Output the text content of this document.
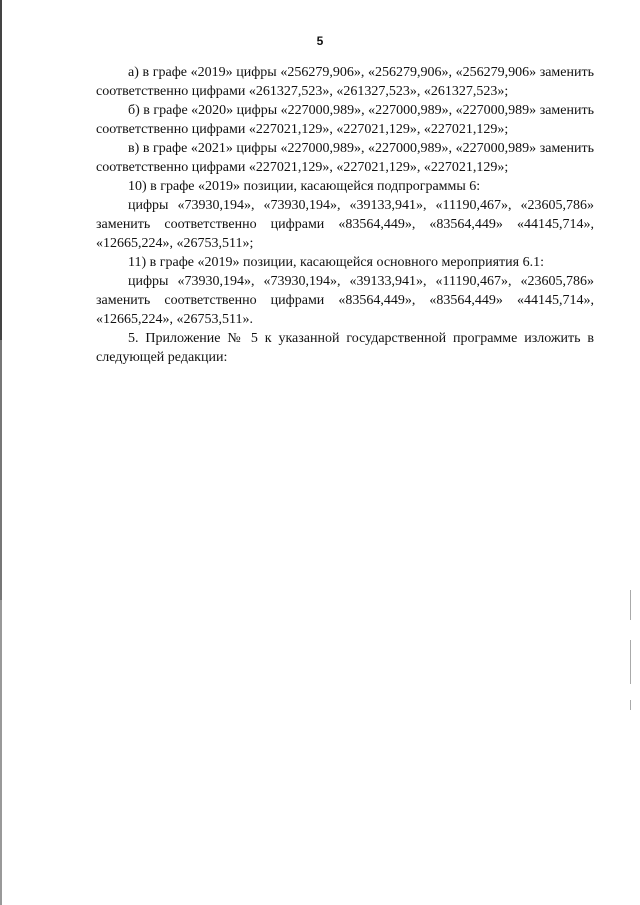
5

а) в графе «2019» цифры «256279,906», «256279,906», «256279,906» заменить соответственно цифрами «261327,523», «261327,523», «261327,523»;

б) в графе «2020» цифры «227000,989», «227000,989», «227000,989» заменить соответственно цифрами «227021,129», «227021,129», «227021,129»;

в) в графе «2021» цифры «227000,989», «227000,989», «227000,989» заменить соответственно цифрами «227021,129», «227021,129», «227021,129»;

10) в графе «2019» позиции, касающейся подпрограммы 6:

цифры «73930,194», «73930,194», «39133,941», «11190,467», «23605,786» заменить соответственно цифрами «83564,449», «83564,449» «44145,714», «12665,224», «26753,511»;

11) в графе «2019» позиции, касающейся основного мероприятия 6.1:

цифры «73930,194», «73930,194», «39133,941», «11190,467», «23605,786» заменить соответственно цифрами «83564,449», «83564,449» «44145,714», «12665,224», «26753,511».

5. Приложение № 5 к указанной государственной программе изложить в следующей редакции:
